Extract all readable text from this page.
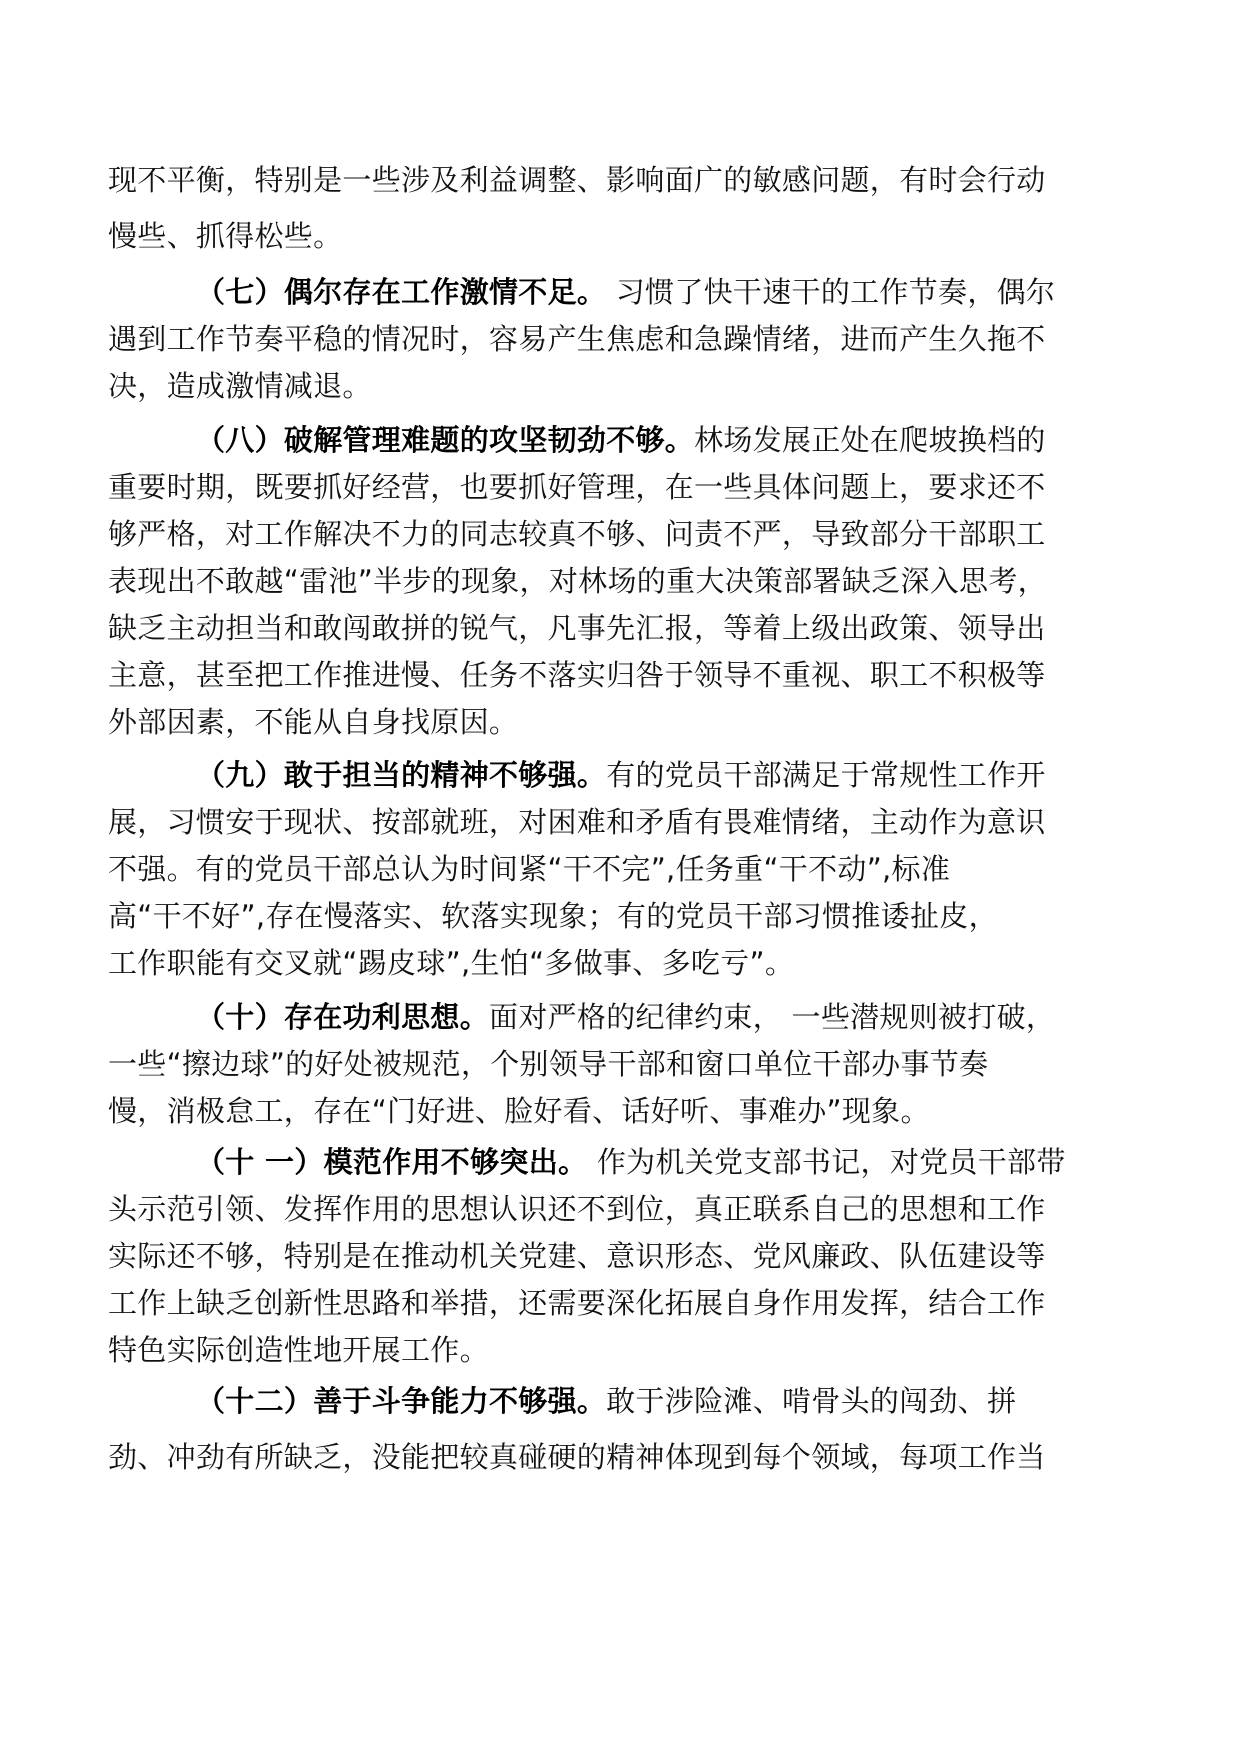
现不平衡，特别是一些涉及利益调整、影响面广的敏感问题，有时会行动

慢些、抓得松些。

（七）偶尔存在工作激情不足。 习惯了快干速干的工作节奏，偶尔

遇到工作节奏平稳的情况时，容易产生焦虑和急躁情绪，进而产生久拖不

决，造成激情减退。

（八）破解管理难题的攻坚韧劲不够。林场发展正处在爬坡换档的

重要时期，既要抓好经营，也要抓好管理，在一些具体问题上，要求还不

够严格，对工作解决不力的同志较真不够、问责不严，导致部分干部职工

表现出不敢越“雷池”半步的现象，对林场的重大决策部署缺乏深入思考，

缺乏主动担当和敢闯敢拼的锐气，凡事先汇报，等着上级出政策、领导出

主意，甚至把工作推进慢、任务不落实归咎于领导不重视、职工不积极等

外部因素，不能从自身找原因。

（九）敢于担当的精神不够强。有的党员干部满足于常规性工作开

展，习惯安于现状、按部就班，对困难和矛盾有畏难情绪，主动作为意识

不强。有的党员干部总认为时间紧“干不完”,任务重“干不动”,标准

高“干不好”,存在慢落实、软落实现象；有的党员干部习惯推诿扯皮，

工作职能有交叉就“踢皮球”,生怕“多做事、多吃亏”。

（十）存在功利思想。面对严格的纪律约束， 一些潜规则被打破，

一些“擦边球”的好处被规范，个别领导干部和窗口单位干部办事节奏

慢，消极怠工，存在“门好进、脸好看、话好听、事难办”现象。

（十 一）模范作用不够突出。 作为机关党支部书记，对党员干部带

头示范引领、发挥作用的思想认识还不到位，真正联系自己的思想和工作

实际还不够，特别是在推动机关党建、意识形态、党风廉政、队伍建设等

工作上缺乏创新性思路和举措，还需要深化拓展自身作用发挥，结合工作

特色实际创造性地开展工作。

（十二）善于斗争能力不够强。敢于涉险滩、啃骨头的闯劲、拼

劲、冲劲有所缺乏，没能把较真碰硬的精神体现到每个领域，每项工作当
